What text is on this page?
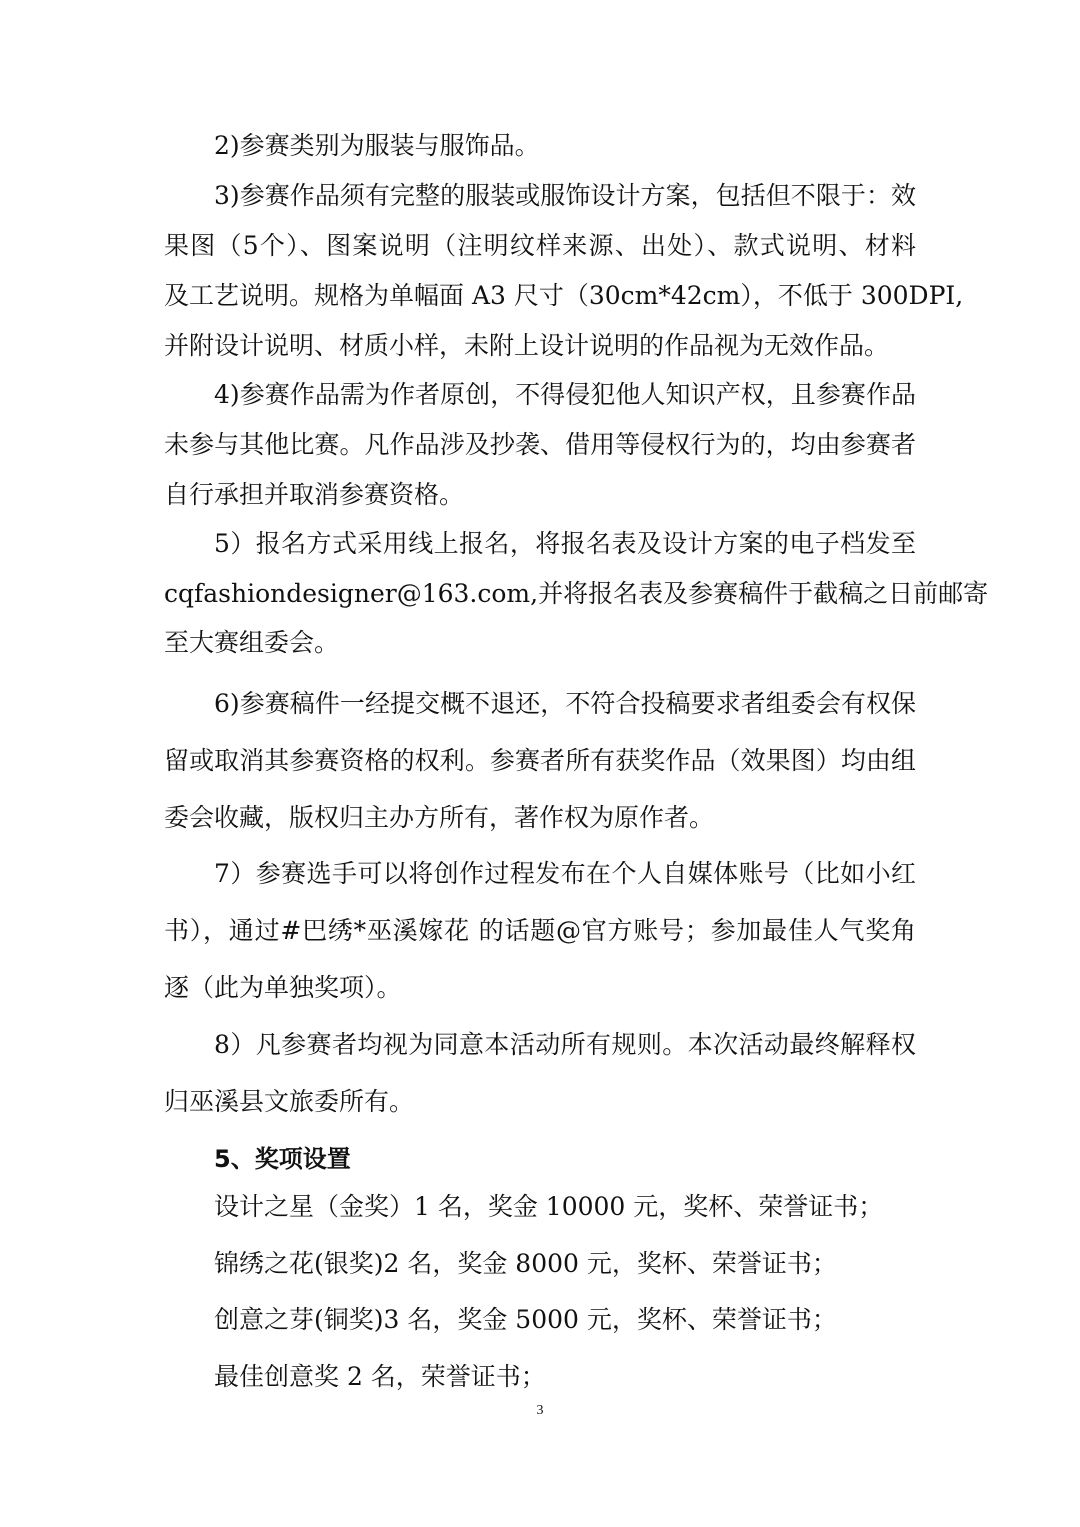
2)参赛类别为服装与服饰品。
3)参赛作品须有完整的服装或服饰设计方案，包括但不限于：效
果图（5个）、图案说明（注明纹样来源、出处）、款式说明、材料
及工艺说明。规格为单幅面 A3 尺寸（30cm*42cm），不低于 300DPI,
并附设计说明、材质小样，未附上设计说明的作品视为无效作品。
4)参赛作品需为作者原创，不得侵犯他人知识产权，且参赛作品
未参与其他比赛。凡作品涉及抄袭、借用等侵权行为的，均由参赛者
自行承担并取消参赛资格。
5）报名方式采用线上报名，将报名表及设计方案的电子档发至
cqfashiondesigner@163.com,并将报名表及参赛稿件于截稿之日前邮寄
至大赛组委会。
6)参赛稿件一经提交概不退还，不符合投稿要求者组委会有权保
留或取消其参赛资格的权利。参赛者所有获奖作品（效果图）均由组
委会收藏，版权归主办方所有，著作权为原作者。
7）参赛选手可以将创作过程发布在个人自媒体账号（比如小红
书），通过#巴绣*巫溪嫁花 的话题@官方账号；参加最佳人气奖角
逐（此为单独奖项）。
8）凡参赛者均视为同意本活动所有规则。本次活动最终解释权
归巫溪县文旅委所有。
5、奖项设置
设计之星（金奖）1 名，奖金 10000 元，奖杯、荣誉证书；
锦绣之花(银奖)2 名，奖金 8000 元，奖杯、荣誉证书；
创意之芽(铜奖)3 名，奖金 5000 元，奖杯、荣誉证书；
最佳创意奖 2 名，荣誉证书；
3
